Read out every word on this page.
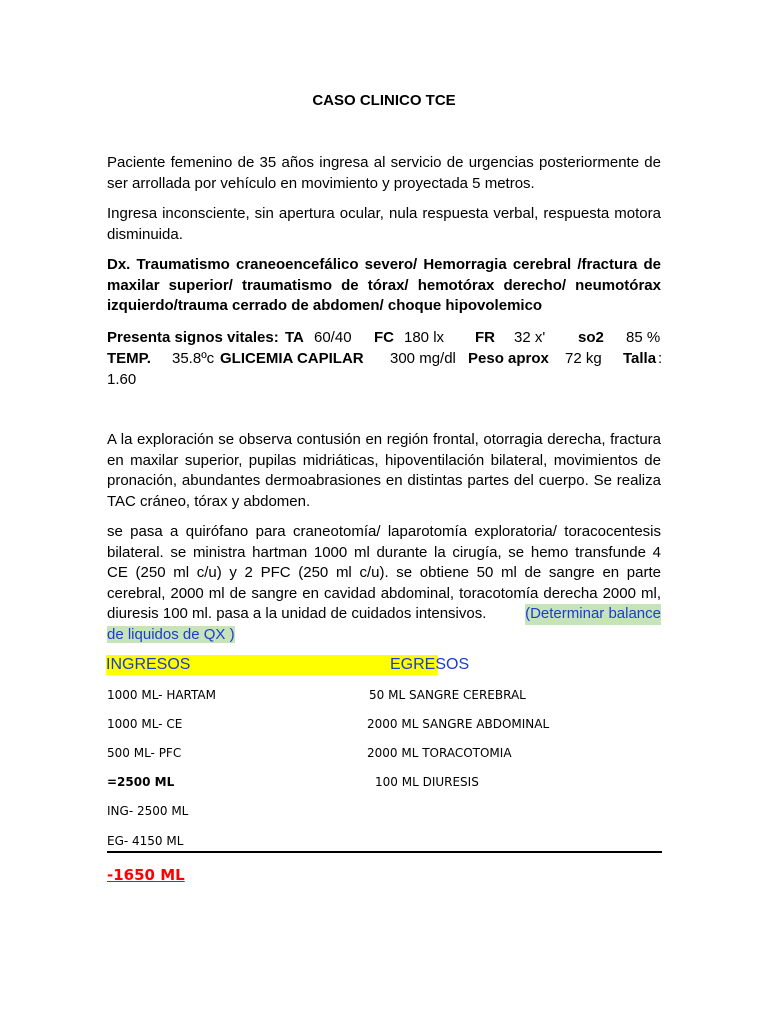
CASO CLINICO TCE
Paciente femenino de 35 años ingresa al servicio de urgencias posteriormente de
ser arrollada por vehículo en movimiento y proyectada 5 metros.
Ingresa inconsciente, sin apertura ocular, nula respuesta verbal, respuesta motora
disminuida.
Dx. Traumatismo craneoencefálico severo/ Hemorragia cerebral /fractura de
maxilar superior/ traumatismo de tórax/ hemotórax derecho/ neumotórax
izquierdo/trauma cerrado de abdomen/ choque hipovolemico
Presenta signos vitales: TA 60/40 FC 180 lx FR 32 x' so2 85 %
TEMP. 35.8ºc GLICEMIA CAPILAR 300 mg/dl Peso aprox 72 kg Talla :
1.60
A la exploración se observa contusión en región frontal, otorragia derecha, fractura
en maxilar superior, pupilas midriáticas, hipoventilación bilateral, movimientos de
pronación, abundantes dermoabrasiones en distintas partes del cuerpo. Se realiza
TAC cráneo, tórax y abdomen.
se pasa a quirófano para craneotomía/ laparotomía exploratoria/ toracocentesis
bilateral. se ministra hartman 1000 ml durante la cirugía, se hemo transfunde 4
CE (250 ml c/u) y 2 PFC (250 ml c/u). se obtiene 50 ml de sangre en parte
cerebral, 2000 ml de sangre en cavidad abdominal, toracotomía derecha 2000 ml,
diuresis 100 ml. pasa a la unidad de cuidados intensivos.	(Determinar balance
de liquidos de QX )
INGRESOS	EGRESOS
1000 ML- HARTAM
1000 ML- CE
500 ML- PFC
=2500 ML
50 ML SANGRE CEREBRAL
2000 ML SANGRE ABDOMINAL
2000 ML TORACOTOMIA
100 ML DIURESIS
ING- 2500 ML
EG- 4150 ML
-1650 ML
